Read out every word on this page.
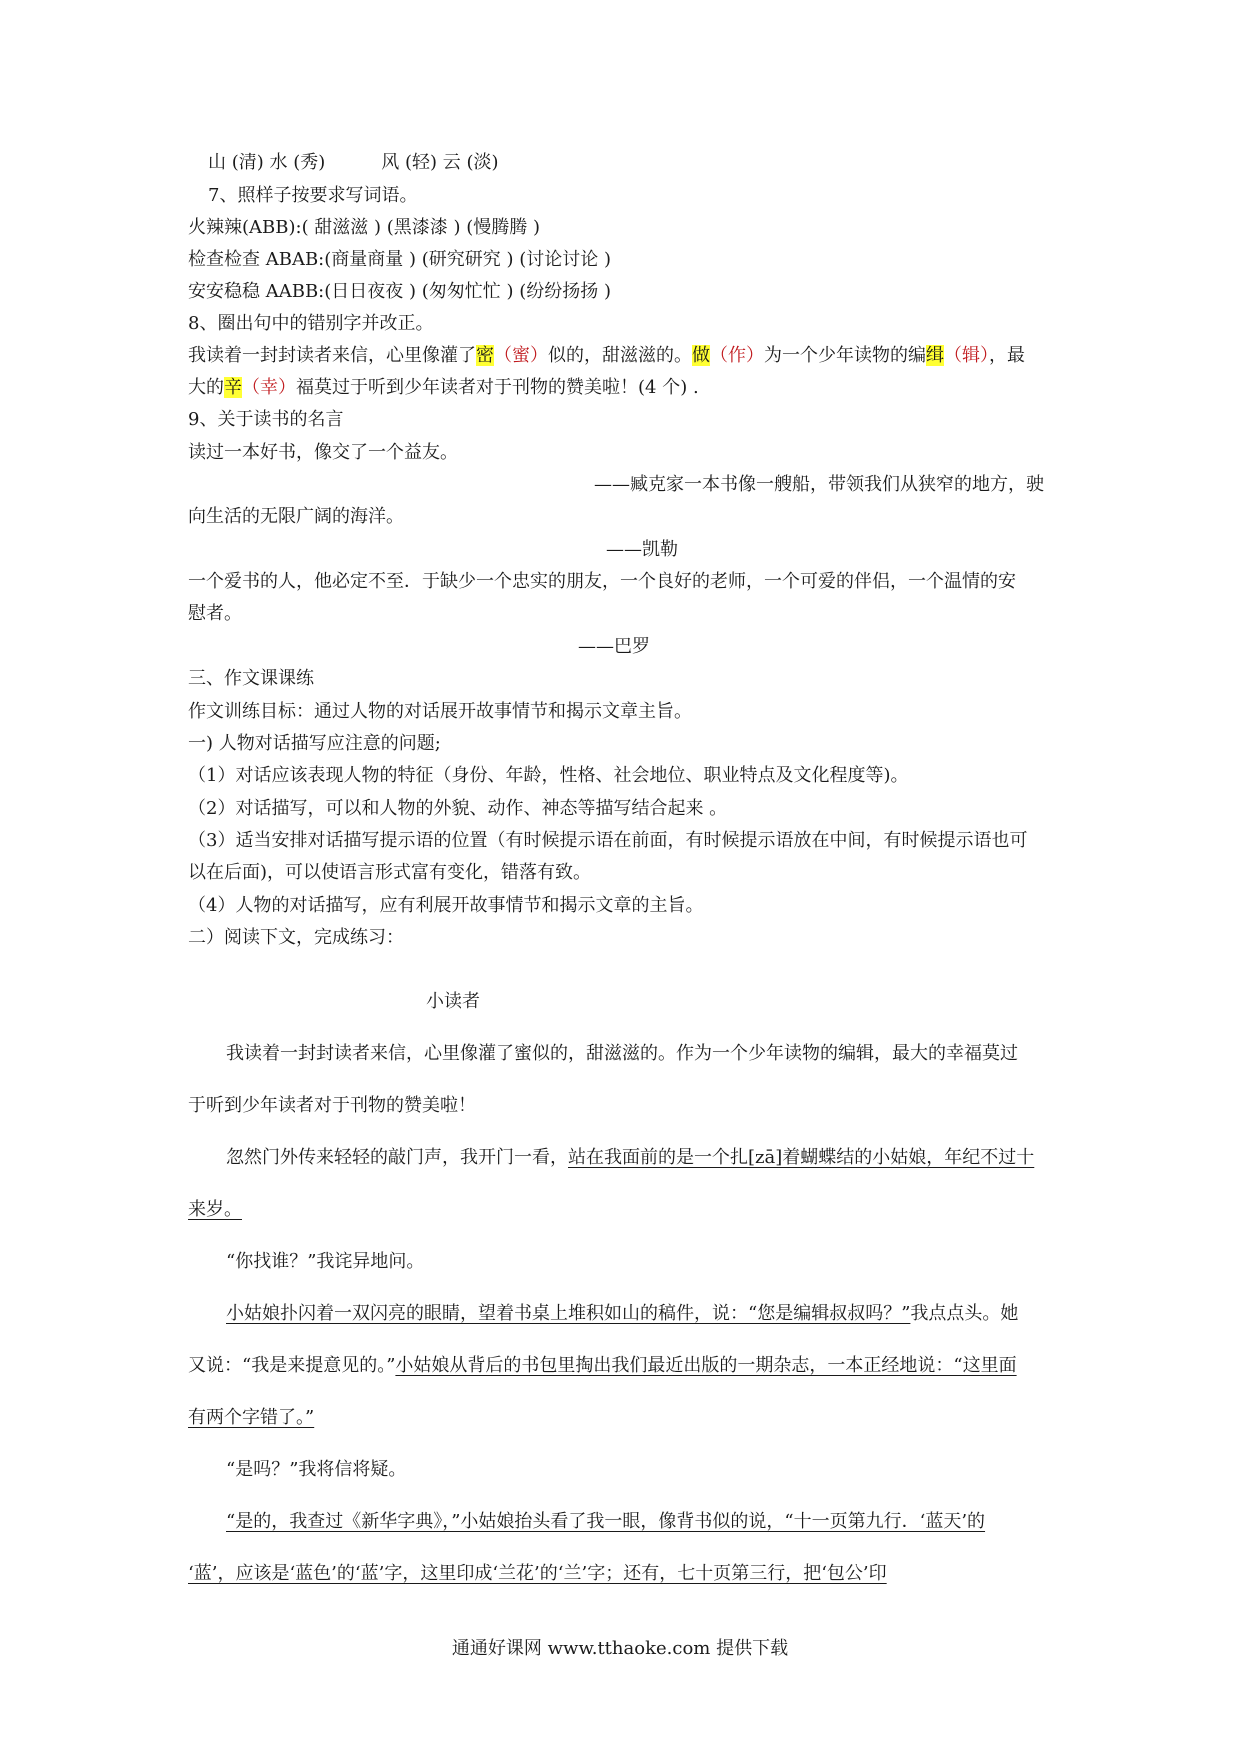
山 (清) 水 (秀)	风 (轻) 云 (淡)
7、照样子按要求写词语。
火辣辣(ABB):( 甜滋滋 ) (黑漆漆 ) (慢腾腾 )
检查检查 ABAB:(商量商量 ) (研究研究 ) (讨论讨论 )
安安稳稳 AABB:(日日夜夜 ) (匆匆忙忙 ) (纷纷扬扬 )
8、圈出句中的错别字并改正。
我读着一封封读者来信，心里像灌了密（蜜）似的，甜滋滋的。做（作）为一个少年读物的编缉（辑），最
大的辛（幸）福莫过于听到少年读者对于刊物的赞美啦！(4 个) .
9、关于读书的名言
读过一本好书，像交了一个益友。
——臧克家一本书像一艘船，带领我们从狭窄的地方，驶
向生活的无限广阔的海洋。
——凯勒
一个爱书的人，他必定不至．于缺少一个忠实的朋友，一个良好的老师，一个可爱的伴侣，一个温情的安
慰者。
——巴罗
三、作文课课练
作文训练目标：通过人物的对话展开故事情节和揭示文章主旨。
一) 人物对话描写应注意的问题;
（1）对话应该表现人物的特征（身份、年龄，性格、社会地位、职业特点及文化程度等)。
（2）对话描写，可以和人物的外貌、动作、神态等描写结合起来 。
（3）适当安排对话描写提示语的位置（有时候提示语在前面，有时候提示语放在中间，有时候提示语也可
以在后面)，可以使语言形式富有变化，错落有致。
（4）人物的对话描写，应有利展开故事情节和揭示文章的主旨。
二）阅读下文，完成练习：
小读者
我读着一封封读者来信，心里像灌了蜜似的，甜滋滋的。作为一个少年读物的编辑，最大的幸福莫过
于听到少年读者对于刊物的赞美啦！
忽然门外传来轻轻的敲门声，我开门一看，站在我面前的是一个扎[zā]着蝴蝶结的小姑娘，年纪不过十
来岁。
“你找谁？”我诧异地问。
小姑娘扑闪着一双闪亮的眼睛，望着书桌上堆积如山的稿件，说：“您是编辑叔叔吗？”我点点头。她
又说：“我是来提意见的。”小姑娘从背后的书包里掏出我们最近出版的一期杂志，一本正经地说：“这里面
有两个字错了。”
“是吗？”我将信将疑。
“是的，我查过《新华字典》，”小姑娘抬头看了我一眼，像背书似的说，“十一页第九行．‘蓝天’的
‘蓝’，应该是‘蓝色’的‘蓝’字，这里印成‘兰花’的‘兰’字；还有，七十页第三行，把‘包公’印
通通好课网 www.tthaoke.com 提供下载
